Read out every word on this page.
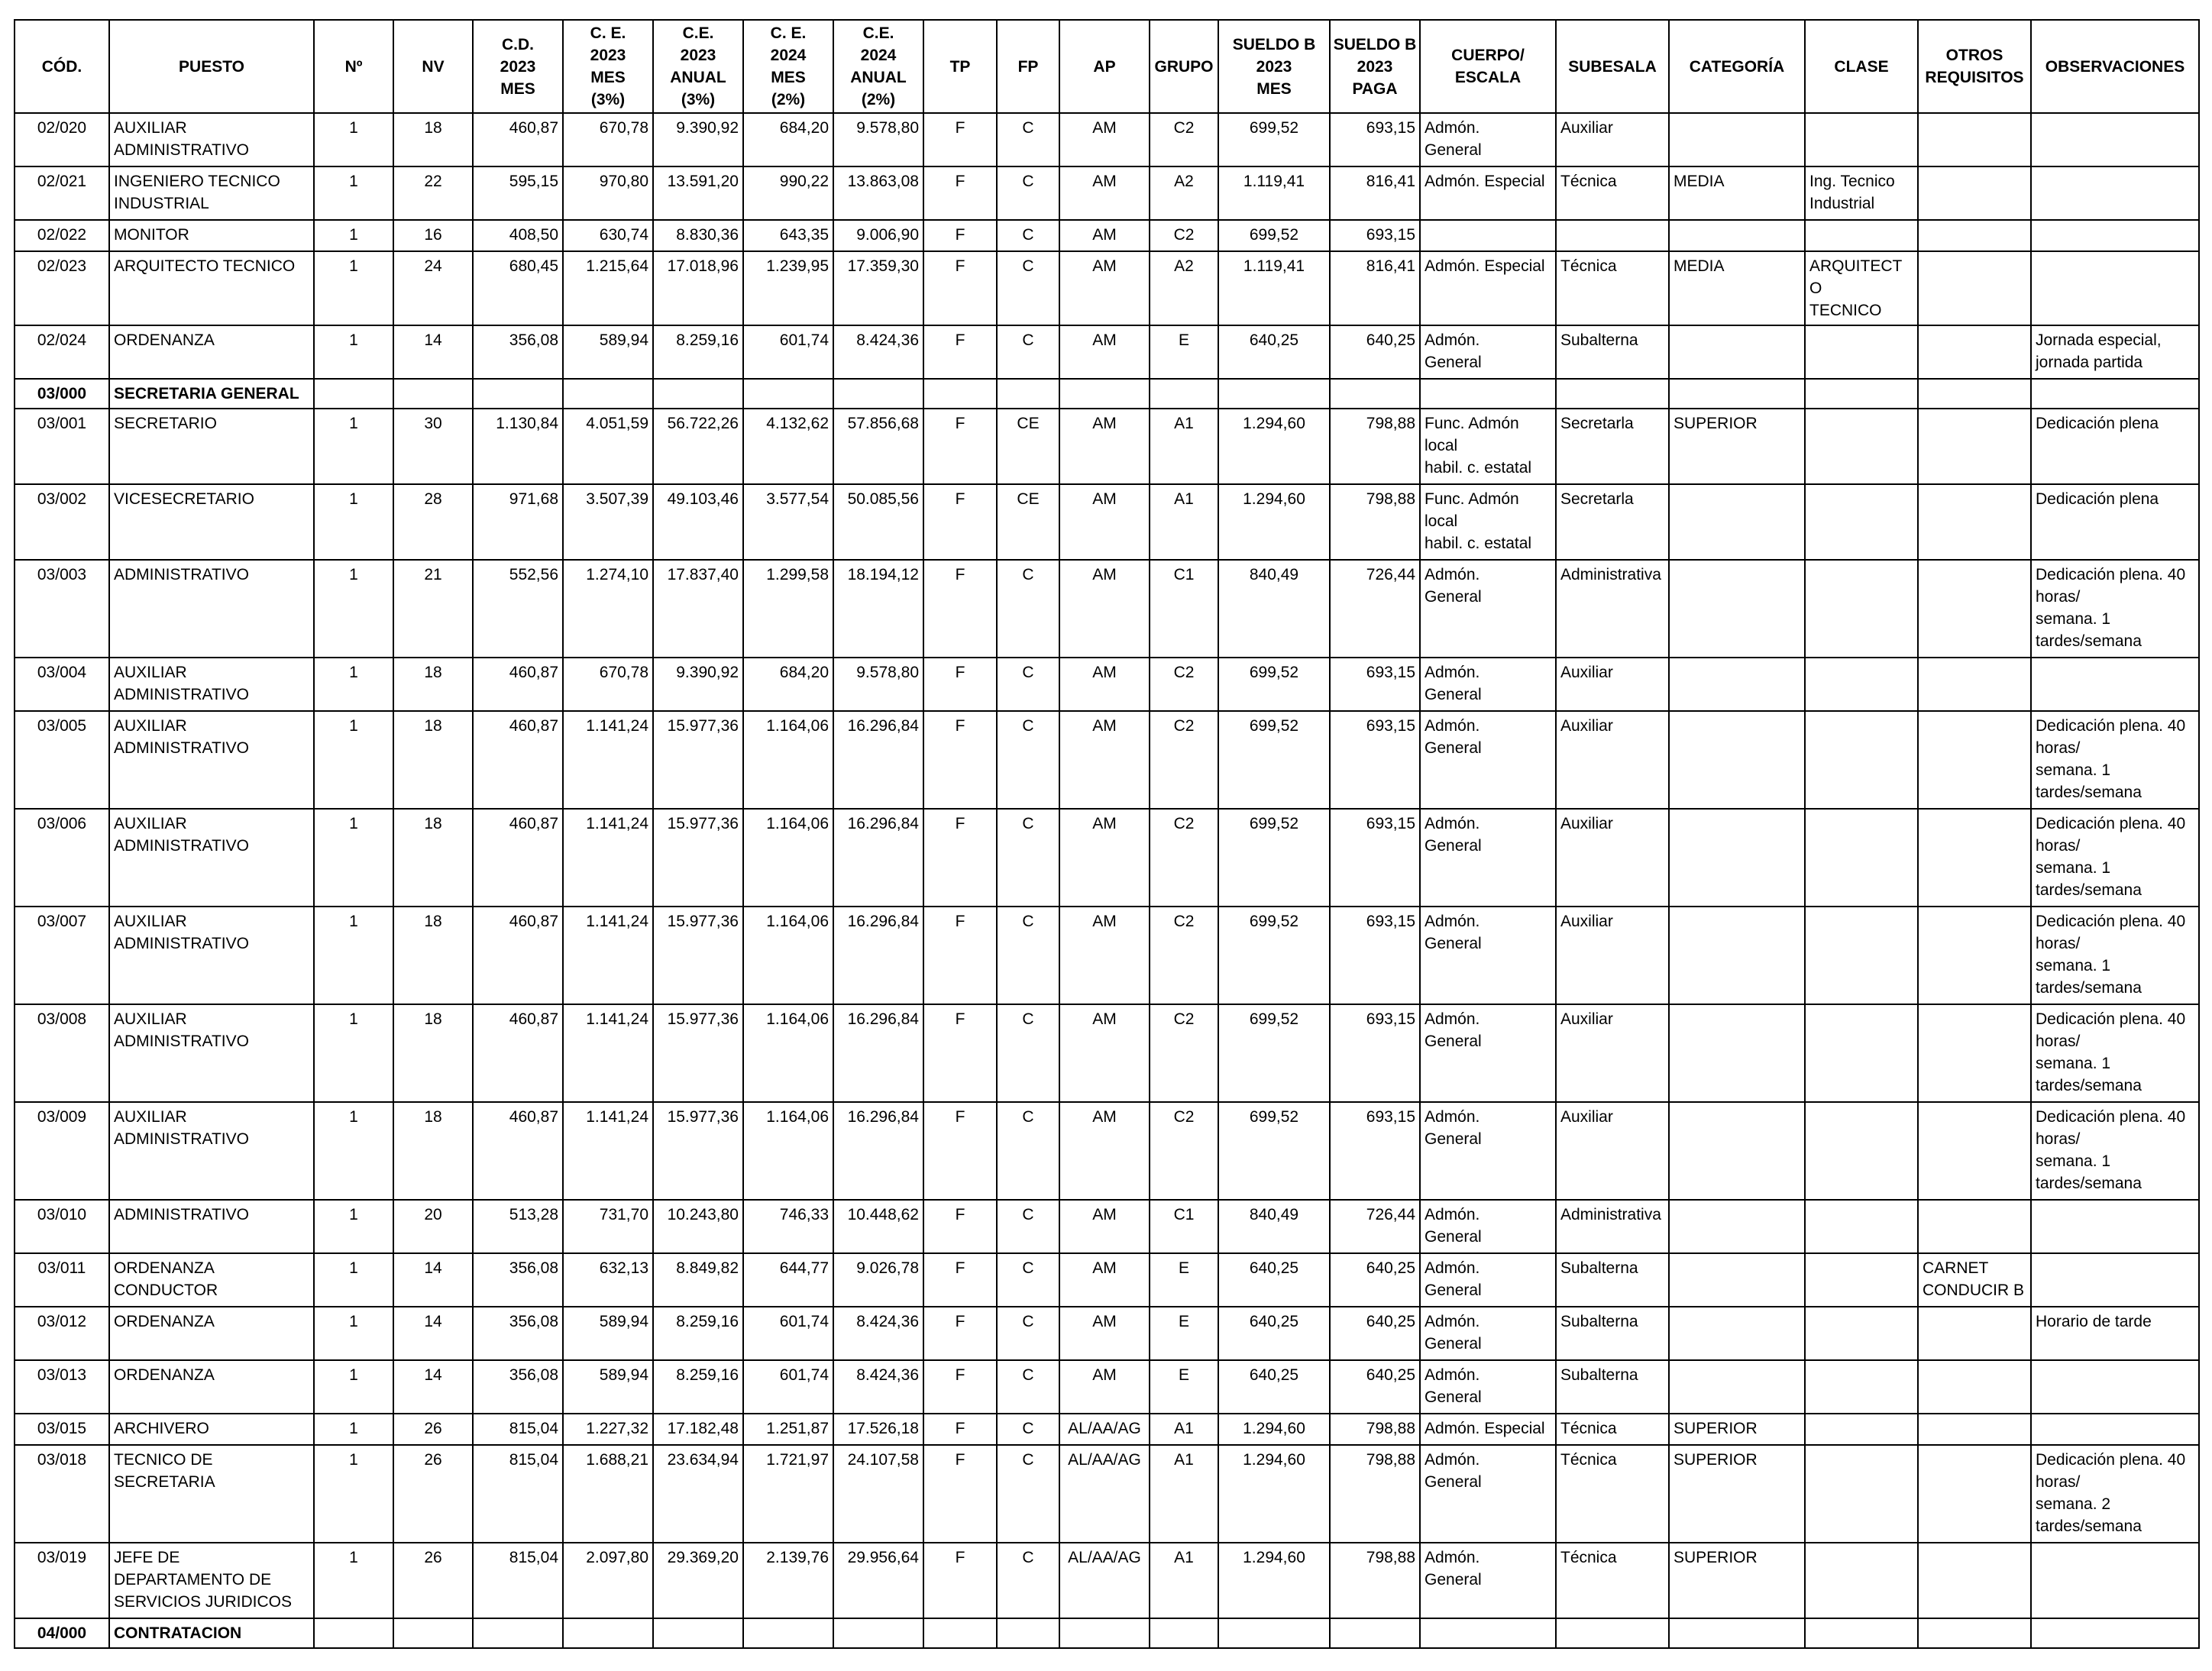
CÓD.	PUESTO	Nº	NV	C.D.
2023
MES	C. E.
2023
MES
(3%)	C.E.
2023
ANUAL
(3%)	C. E.
2024
MES
(2%)	C.E.
2024
ANUAL
(2%)	TP	FP	AP	GRUPO	SUELDO B
2023
MES	SUELDO B
2023
PAGA	CUERPO/
ESCALA	SUBESALA	CATEGORÍA	CLASE	OTROS
REQUISITOS	OBSERVACIONES
02/020	AUXILIAR
ADMINISTRATIVO	1	18	460,87	670,78	9.390,92	684,20	9.578,80	F	C	AM	C2	699,52	693,15	Admón.
General	Auxiliar				
02/021	INGENIERO TECNICO
INDUSTRIAL	1	22	595,15	970,80	13.591,20	990,22	13.863,08	F	C	AM	A2	1.119,41	816,41	Admón. Especial	Técnica	MEDIA	Ing. Tecnico
Industrial		
02/022	MONITOR	1	16	408,50	630,74	8.830,36	643,35	9.006,90	F	C	AM	C2	699,52	693,15						
02/023	ARQUITECTO TECNICO	1	24	680,45	1.215,64	17.018,96	1.239,95	17.359,30	F	C	AM	A2	1.119,41	816,41	Admón. Especial	Técnica	MEDIA	ARQUITECTO
TECNICO		
02/024	ORDENANZA	1	14	356,08	589,94	8.259,16	601,74	8.424,36	F	C	AM	E	640,25	640,25	Admón.
General	Subalterna				Jornada especial,
jornada partida
03/000	SECRETARIA GENERAL																			
03/001	SECRETARIO	1	30	1.130,84	4.051,59	56.722,26	4.132,62	57.856,68	F	CE	AM	A1	1.294,60	798,88	Func. Admón
local
habil. c. estatal	Secretarla	SUPERIOR			Dedicación plena
03/002	VICESECRETARIO	1	28	971,68	3.507,39	49.103,46	3.577,54	50.085,56	F	CE	AM	A1	1.294,60	798,88	Func. Admón
local
habil. c. estatal	Secretarla				Dedicación plena
03/003	ADMINISTRATIVO	1	21	552,56	1.274,10	17.837,40	1.299,58	18.194,12	F	C	AM	C1	840,49	726,44	Admón.
General	Administrativa				Dedicación plena. 40
horas/
semana. 1
tardes/semana
03/004	AUXILIAR
ADMINISTRATIVO	1	18	460,87	670,78	9.390,92	684,20	9.578,80	F	C	AM	C2	699,52	693,15	Admón.
General	Auxiliar				
03/005	AUXILIAR
ADMINISTRATIVO	1	18	460,87	1.141,24	15.977,36	1.164,06	16.296,84	F	C	AM	C2	699,52	693,15	Admón.
General	Auxiliar				Dedicación plena. 40
horas/
semana. 1
tardes/semana
03/006	AUXILIAR
ADMINISTRATIVO	1	18	460,87	1.141,24	15.977,36	1.164,06	16.296,84	F	C	AM	C2	699,52	693,15	Admón.
General	Auxiliar				Dedicación plena. 40
horas/
semana. 1
tardes/semana
03/007	AUXILIAR
ADMINISTRATIVO	1	18	460,87	1.141,24	15.977,36	1.164,06	16.296,84	F	C	AM	C2	699,52	693,15	Admón.
General	Auxiliar				Dedicación plena. 40
horas/
semana. 1
tardes/semana
03/008	AUXILIAR
ADMINISTRATIVO	1	18	460,87	1.141,24	15.977,36	1.164,06	16.296,84	F	C	AM	C2	699,52	693,15	Admón.
General	Auxiliar				Dedicación plena. 40
horas/
semana. 1
tardes/semana
03/009	AUXILIAR
ADMINISTRATIVO	1	18	460,87	1.141,24	15.977,36	1.164,06	16.296,84	F	C	AM	C2	699,52	693,15	Admón.
General	Auxiliar				Dedicación plena. 40
horas/
semana. 1
tardes/semana
03/010	ADMINISTRATIVO	1	20	513,28	731,70	10.243,80	746,33	10.448,62	F	C	AM	C1	840,49	726,44	Admón.
General	Administrativa				
03/011	ORDENANZA
CONDUCTOR	1	14	356,08	632,13	8.849,82	644,77	9.026,78	F	C	AM	E	640,25	640,25	Admón.
General	Subalterna			CARNET
CONDUCIR B	
03/012	ORDENANZA	1	14	356,08	589,94	8.259,16	601,74	8.424,36	F	C	AM	E	640,25	640,25	Admón.
General	Subalterna				Horario de tarde
03/013	ORDENANZA	1	14	356,08	589,94	8.259,16	601,74	8.424,36	F	C	AM	E	640,25	640,25	Admón.
General	Subalterna				
03/015	ARCHIVERO	1	26	815,04	1.227,32	17.182,48	1.251,87	17.526,18	F	C	AL/AA/AG	A1	1.294,60	798,88	Admón. Especial	Técnica	SUPERIOR			
03/018	TECNICO DE
SECRETARIA	1	26	815,04	1.688,21	23.634,94	1.721,97	24.107,58	F	C	AL/AA/AG	A1	1.294,60	798,88	Admón.
General	Técnica	SUPERIOR			Dedicación plena. 40
horas/
semana. 2
tardes/semana
03/019	JEFE DE
DEPARTAMENTO DE
SERVICIOS JURIDICOS	1	26	815,04	2.097,80	29.369,20	2.139,76	29.956,64	F	C	AL/AA/AG	A1	1.294,60	798,88	Admón.
General	Técnica	SUPERIOR			
04/000	CONTRATACION																			
